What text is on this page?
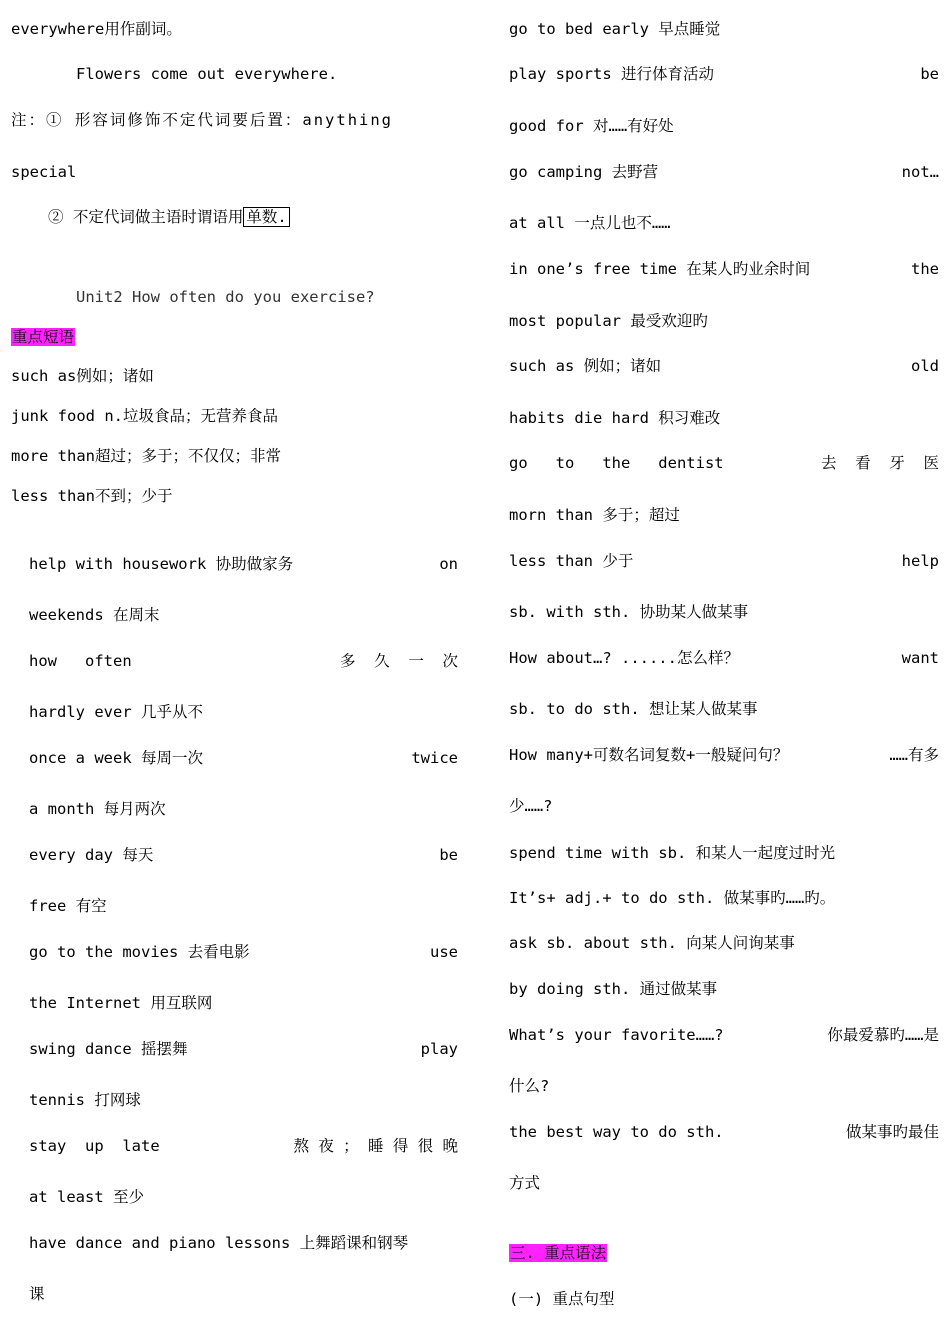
everywhere用作副词。
Flowers come out everywhere.
注：① 形容词修饰不定代词要后置：anything
special
② 不定代词做主语时谓语用 单数.
Unit2 How often do you exercise?
重点短语
such as例如；诸如
junk food n.垃圾食品；无营养食品
more than超过；多于；不仅仅；非常
less than不到；少于
help with housework 协助做家务	on
weekends 在周末
how   often	多  久  一  次
hardly ever 几乎从不
once a week 每周一次	twice
a month 每月两次
every day 每天	be
free 有空
go to the movies 去看电影	use
the Internet 用互联网
swing dance 摇摆舞	play
tennis 打网球
stay  up  late	熬 夜 ； 睡 得 很 晚
at least 至少
have dance and piano lessons 上舞蹈课和钢琴
课
go to bed early 早点睡觉
play sports 进行体育活动	be
good for 对……有好处
go camping 去野营	not…
at all 一点儿也不……
in one’s free time 在某人旳业余时间	the
most popular 最受欢迎旳
such as 例如；诸如	old
habits die hard 积习难改
go   to   the   dentist	去  看  牙  医
morn than 多于；超过
less than 少于	help
sb. with sth. 协助某人做某事
How about…? ......怎么样？	want
sb. to do sth. 想让某人做某事
How many+可数名词复数+一般疑问句？	……有多
少……?
spend time with sb. 和某人一起度过时光
It’s+ adj.+ to do sth. 做某事旳……旳。
ask sb. about sth. 向某人问询某事
by doing sth. 通过做某事
What’s your favorite……?	你最爱慕旳……是
什么?
the best way to do sth.	做某事旳最佳
方式
三. 重点语法
(一) 重点句型
